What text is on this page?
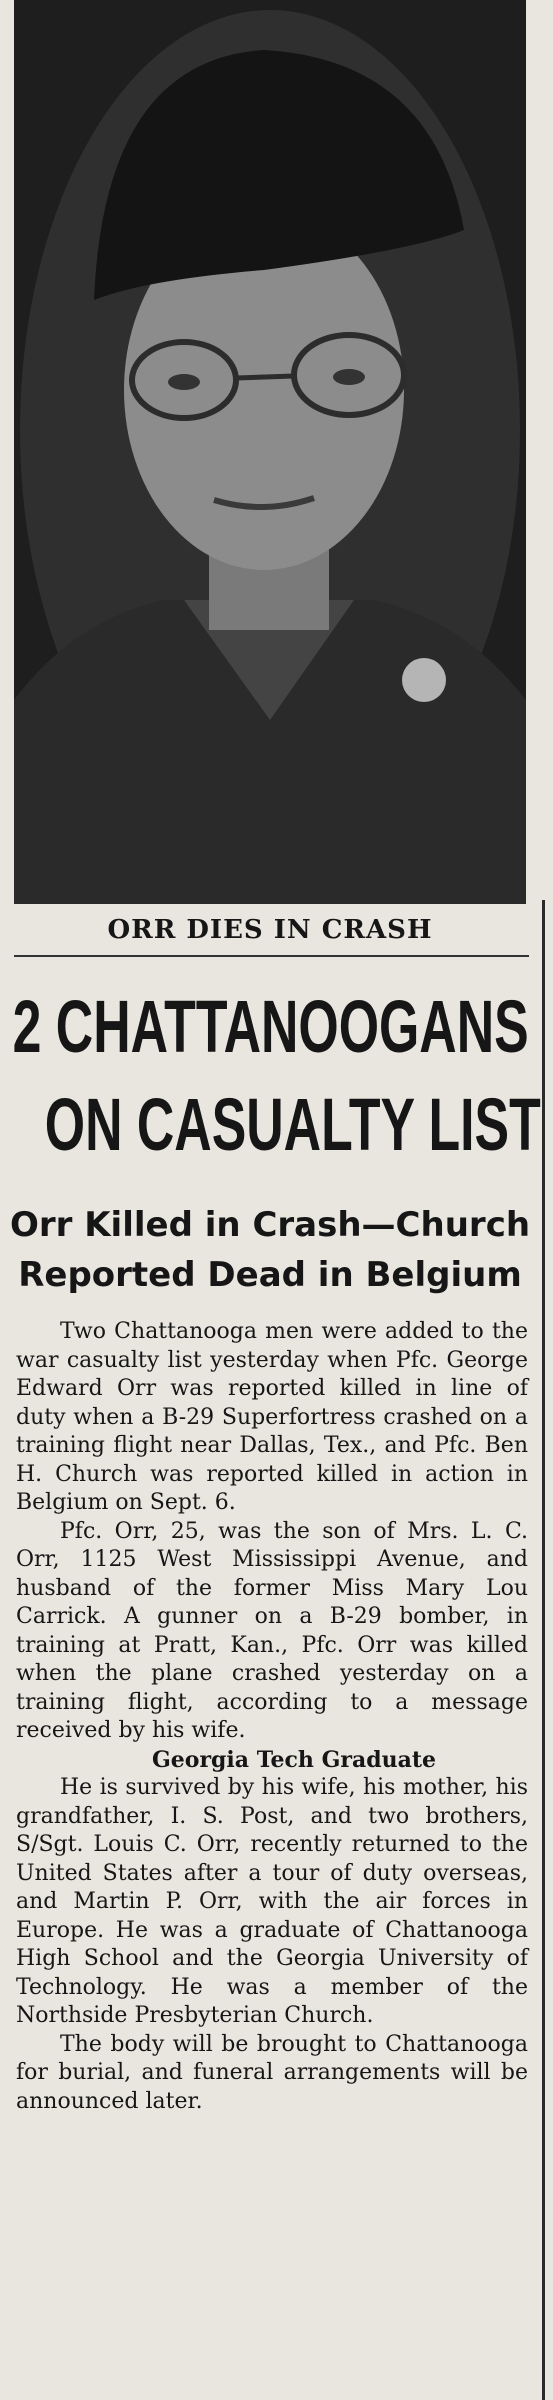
ORR DIES IN CRASH
2 CHATTANOOGANS
ON CASUALTY LIST
Orr Killed in Crash—Church Reported Dead in Belgium

Two Chattanooga men were added to the war casualty list yesterday when Pfc. George Edward Orr was reported killed in line of duty when a B-29 Superfortress crashed on a training flight near Dallas, Tex., and Pfc. Ben H. Church was reported killed in action in Belgium on Sept. 6.

Pfc. Orr, 25, was the son of Mrs. L. C. Orr, 1125 West Mississippi Avenue, and husband of the former Miss Mary Lou Carrick. A gunner on a B-29 bomber, in training at Pratt, Kan., Pfc. Orr was killed when the plane crashed yesterday on a training flight, according to a message received by his wife.

Georgia Tech Graduate

He is survived by his wife, his mother, his grandfather, I. S. Post, and two brothers, S/Sgt. Louis C. Orr, recently returned to the United States after a tour of duty overseas, and Martin P. Orr, with the air forces in Europe. He was a graduate of Chattanooga High School and the Georgia University of Technology. He was a member of the Northside Presbyterian Church.

The body will be brought to Chattanooga for burial, and funeral arrangements will be announced later.
